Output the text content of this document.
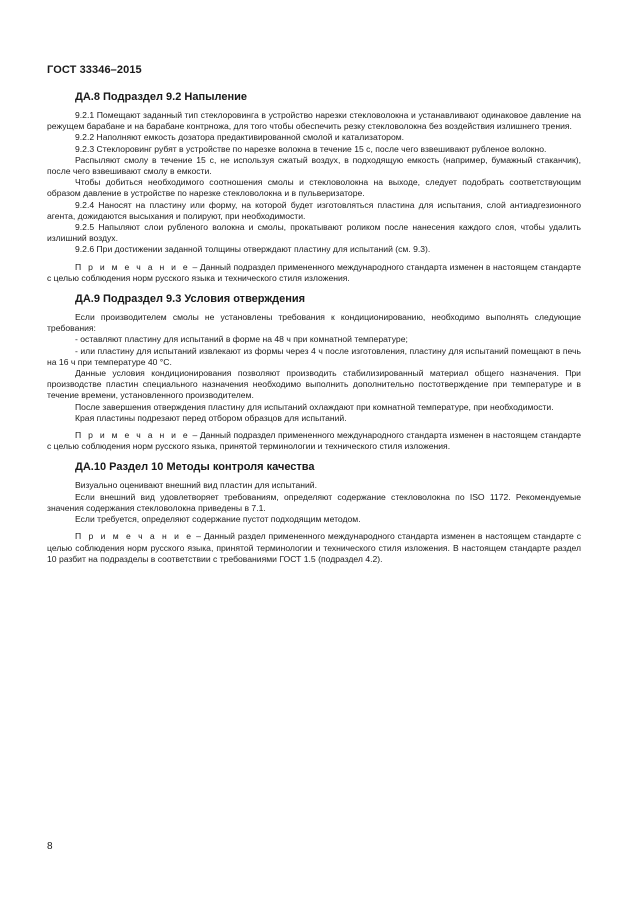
ГОСТ 33346–2015
ДА.8 Подраздел 9.2 Напыление

9.2.1 Помещают заданный тип стеклоровинга в устройство нарезки стекловолокна и устанавливают одинаковое давление на режущем барабане и на барабане контрножа, для того чтобы обеспечить резку стекловолокна без воздействия излишнего трения.

9.2.2 Наполняют емкость дозатора предактивированной смолой и катализатором.

9.2.3 Стеклоровинг рубят в устройстве по нарезке волокна в течение 15 с, после чего взвешивают рубленое волокно.

Распыляют смолу в течение 15 с, не используя сжатый воздух, в подходящую емкость (например, бумажный стаканчик), после чего взвешивают смолу в емкости.

Чтобы добиться необходимого соотношения смолы и стекловолокна на выходе, следует подобрать соответствующим образом давление в устройстве по нарезке стекловолокна и в пульверизаторе.

9.2.4 Наносят на пластину или форму, на которой будет изготовляться пластина для испытания, слой антиадгезионного агента, дожидаются высыхания и полируют, при необходимости.

9.2.5 Напыляют слои рубленого волокна и смолы, прокатывают роликом после нанесения каждого слоя, чтобы удалить излишний воздух.

9.2.6 При достижении заданной толщины отверждают пластину для испытаний (см. 9.3).

П р и м е ч а н и е – Данный подраздел примененного международного стандарта изменен в настоящем стандарте с целью соблюдения норм русского языка и технического стиля изложения.

ДА.9 Подраздел 9.3 Условия отверждения

Если производителем смолы не установлены требования к кондиционированию, необходимо выполнять следующие требования:

- оставляют пластину для испытаний в форме на 48 ч при комнатной температуре;

- или пластину для испытаний извлекают из формы через 4 ч после изготовления, пластину для испытаний помещают в печь на 16 ч при температуре 40 °С.

Данные условия кондиционирования позволяют производить стабилизированный материал общего назначения. При производстве пластин специального назначения необходимо выполнить дополнительно постотверждение при температуре и в течение времени, установленного производителем.

После завершения отверждения пластину для испытаний охлаждают при комнатной температуре, при необходимости.

Края пластины подрезают перед отбором образцов для испытаний.

П р и м е ч а н и е – Данный подраздел примененного международного стандарта изменен в настоящем стандарте с целью соблюдения норм русского языка, принятой терминологии и технического стиля изложения.

ДА.10 Раздел 10 Методы контроля качества

Визуально оценивают внешний вид пластин для испытаний.

Если внешний вид удовлетворяет требованиям, определяют содержание стекловолокна по ISO 1172. Рекомендуемые значения содержания стекловолокна приведены в 7.1.

Если требуется, определяют содержание пустот подходящим методом.

П р и м е ч а н и е – Данный раздел примененного международного стандарта изменен в настоящем стандарте с целью соблюдения норм русского языка, принятой терминологии и технического стиля изложения. В настоящем стандарте раздел 10 разбит на подразделы в соответствии с требованиями ГОСТ 1.5 (подраздел 4.2).

8
